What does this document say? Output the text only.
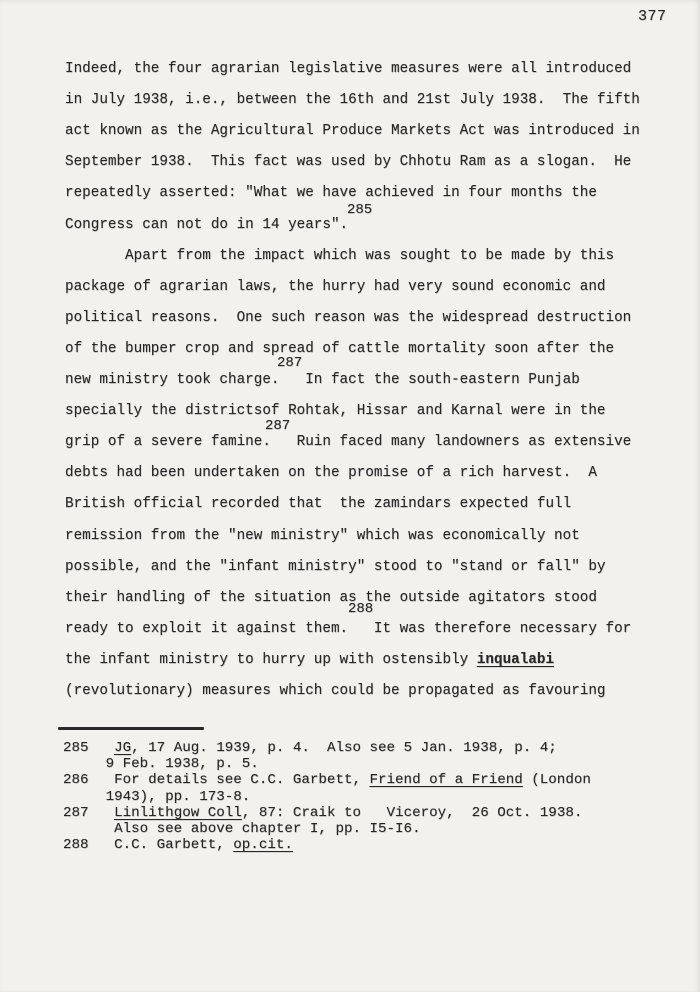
377
Indeed, the four agrarian legislative measures were all introduced
in July 1938, i.e., between the 16th and 21st July 1938.  The fifth
act known as the Agricultural Produce Markets Act was introduced in
September 1938.  This fact was used by Chhotu Ram as a slogan.  He
repeatedly asserted: "What we have achieved in four months the
Congress can not do in 14 years".
Apart from the impact which was sought to be made by this
package of agrarian laws, the hurry had very sound economic and
political reasons.  One such reason was the widespread destruction
of the bumper crop and spread of cattle mortality soon after the
new ministry took charge.   In fact the south-eastern Punjab
specially the districtsof Rohtak, Hissar and Karnal were in the
grip of a severe famine.   Ruin faced many landowners as extensive
debts had been undertaken on the promise of a rich harvest.  A
British official recorded that  the zamindars expected full
remission from the "new ministry" which was economically not
possible, and the "infant ministry" stood to "stand or fall" by
their handling of the situation as the outside agitators stood
ready to exploit it against them.   It was therefore necessary for
the infant ministry to hurry up with ostensibly inqualabi
(revolutionary) measures which could be propagated as favouring
285
287
287
288
285   JG, 17 Aug. 1939, p. 4.  Also see 5 Jan. 1938, p. 4;
9 Feb. 1938, p. 5.
286   For details see C.C. Garbett, Friend of a Friend (London
1943), pp. 173-8.
287   Linlithgow Coll, 87: Craik to   Viceroy,  26 Oct. 1938.
Also see above chapter I, pp. I5-I6.
288   C.C. Garbett, op.cit.
